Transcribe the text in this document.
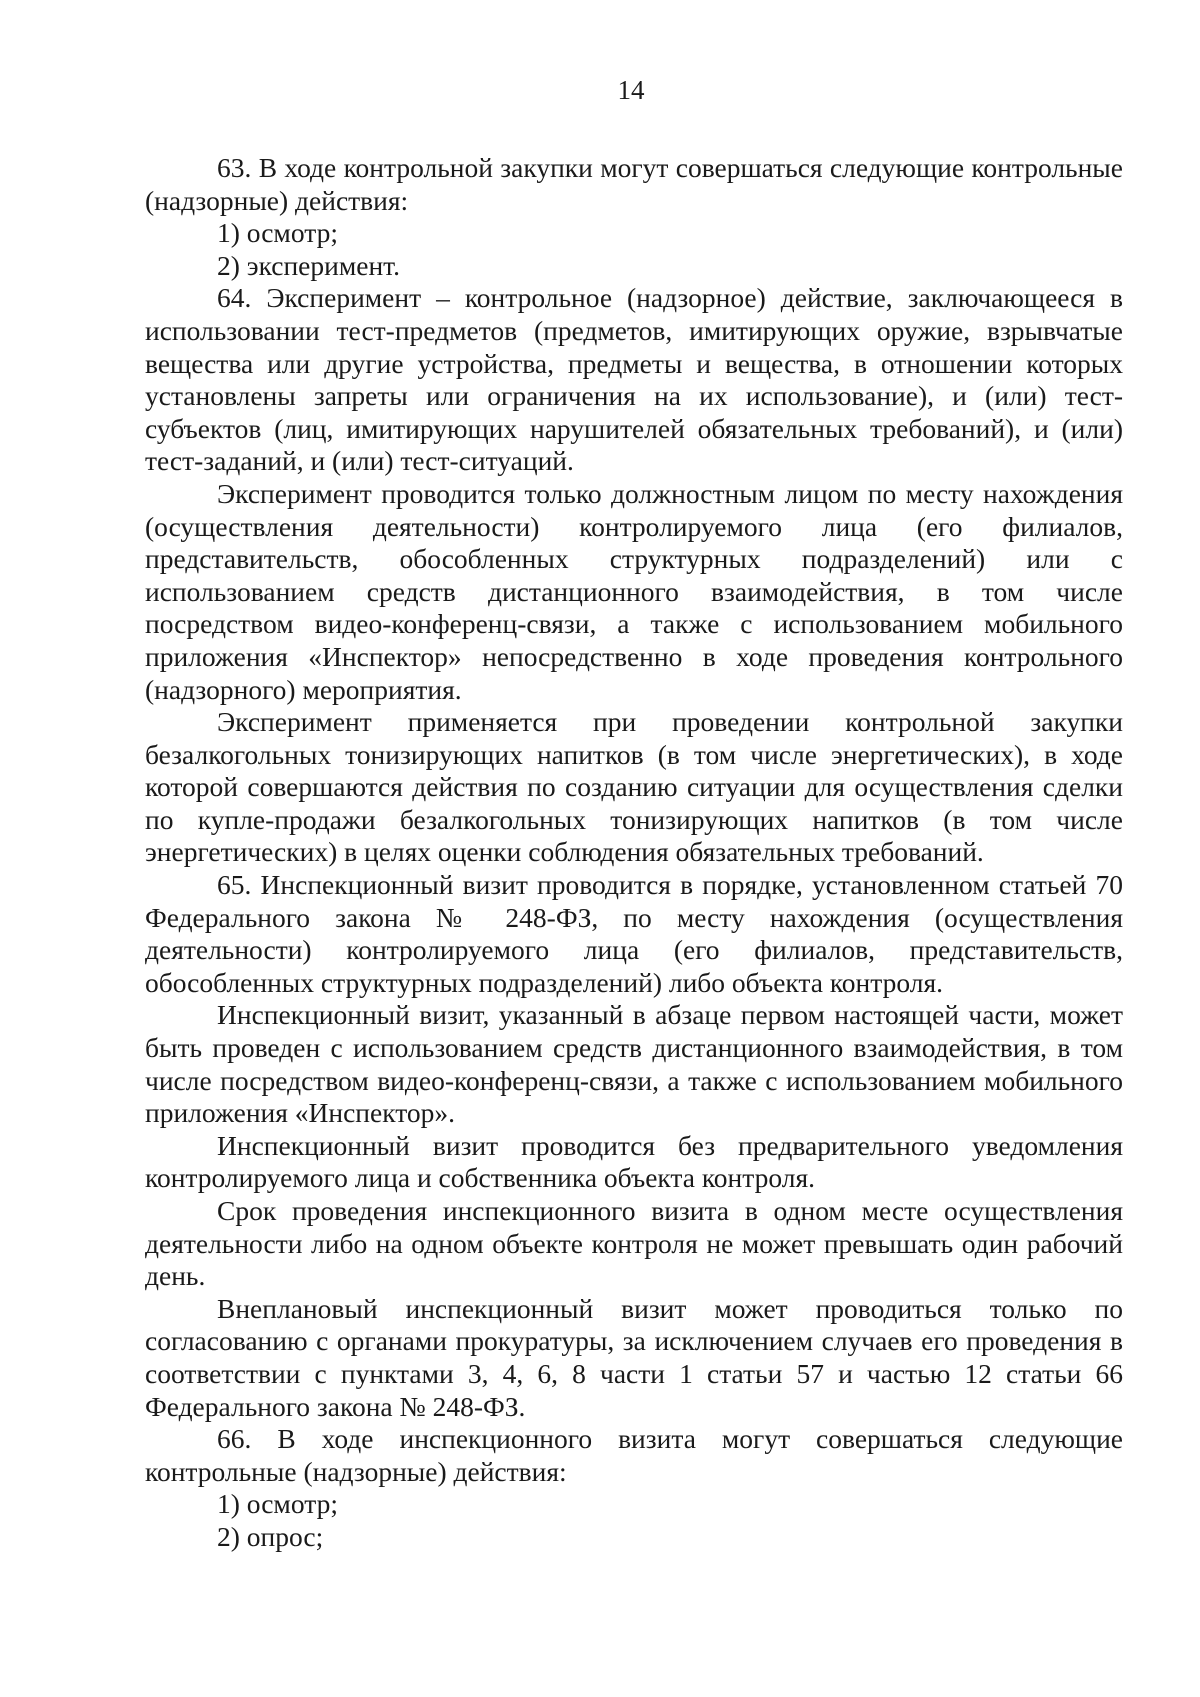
14

63. В ходе контрольной закупки могут совершаться следующие контрольные (надзорные) действия:

1) осмотр;

2) эксперимент.

64. Эксперимент – контрольное (надзорное) действие, заключающееся в использовании тест-предметов (предметов, имитирующих оружие, взрывчатые вещества или другие устройства, предметы и вещества, в отношении которых установлены запреты или ограничения на их использование), и (или) тест-субъектов (лиц, имитирующих нарушителей обязательных требований), и (или) тест-заданий, и (или) тест-ситуаций.

Эксперимент проводится только должностным лицом по месту нахождения (осуществления деятельности) контролируемого лица (его филиалов, представительств, обособленных структурных подразделений) или с использованием средств дистанционного взаимодействия, в том числе посредством видео-конференц-связи, а также с использованием мобильного приложения «Инспектор» непосредственно в ходе проведения контрольного (надзорного) мероприятия.

Эксперимент применяется при проведении контрольной закупки безалкогольных тонизирующих напитков (в том числе энергетических), в ходе которой совершаются действия по созданию ситуации для осуществления сделки по купле-продажи безалкогольных тонизирующих напитков (в том числе энергетических) в целях оценки соблюдения обязательных требований.

65. Инспекционный визит проводится в порядке, установленном статьей 70 Федерального закона № 248-ФЗ, по месту нахождения (осуществления деятельности) контролируемого лица (его филиалов, представительств, обособленных структурных подразделений) либо объекта контроля.

Инспекционный визит, указанный в абзаце первом настоящей части, может быть проведен с использованием средств дистанционного взаимодействия, в том числе посредством видео-конференц-связи, а также с использованием мобильного приложения «Инспектор».

Инспекционный визит проводится без предварительного уведомления контролируемого лица и собственника объекта контроля.

Срок проведения инспекционного визита в одном месте осуществления деятельности либо на одном объекте контроля не может превышать один рабочий день.

Внеплановый инспекционный визит может проводиться только по согласованию с органами прокуратуры, за исключением случаев его проведения в соответствии с пунктами 3, 4, 6, 8 части 1 статьи 57 и частью 12 статьи 66 Федерального закона № 248-ФЗ.

66. В ходе инспекционного визита могут совершаться следующие контрольные (надзорные) действия:

1) осмотр;

2) опрос;
